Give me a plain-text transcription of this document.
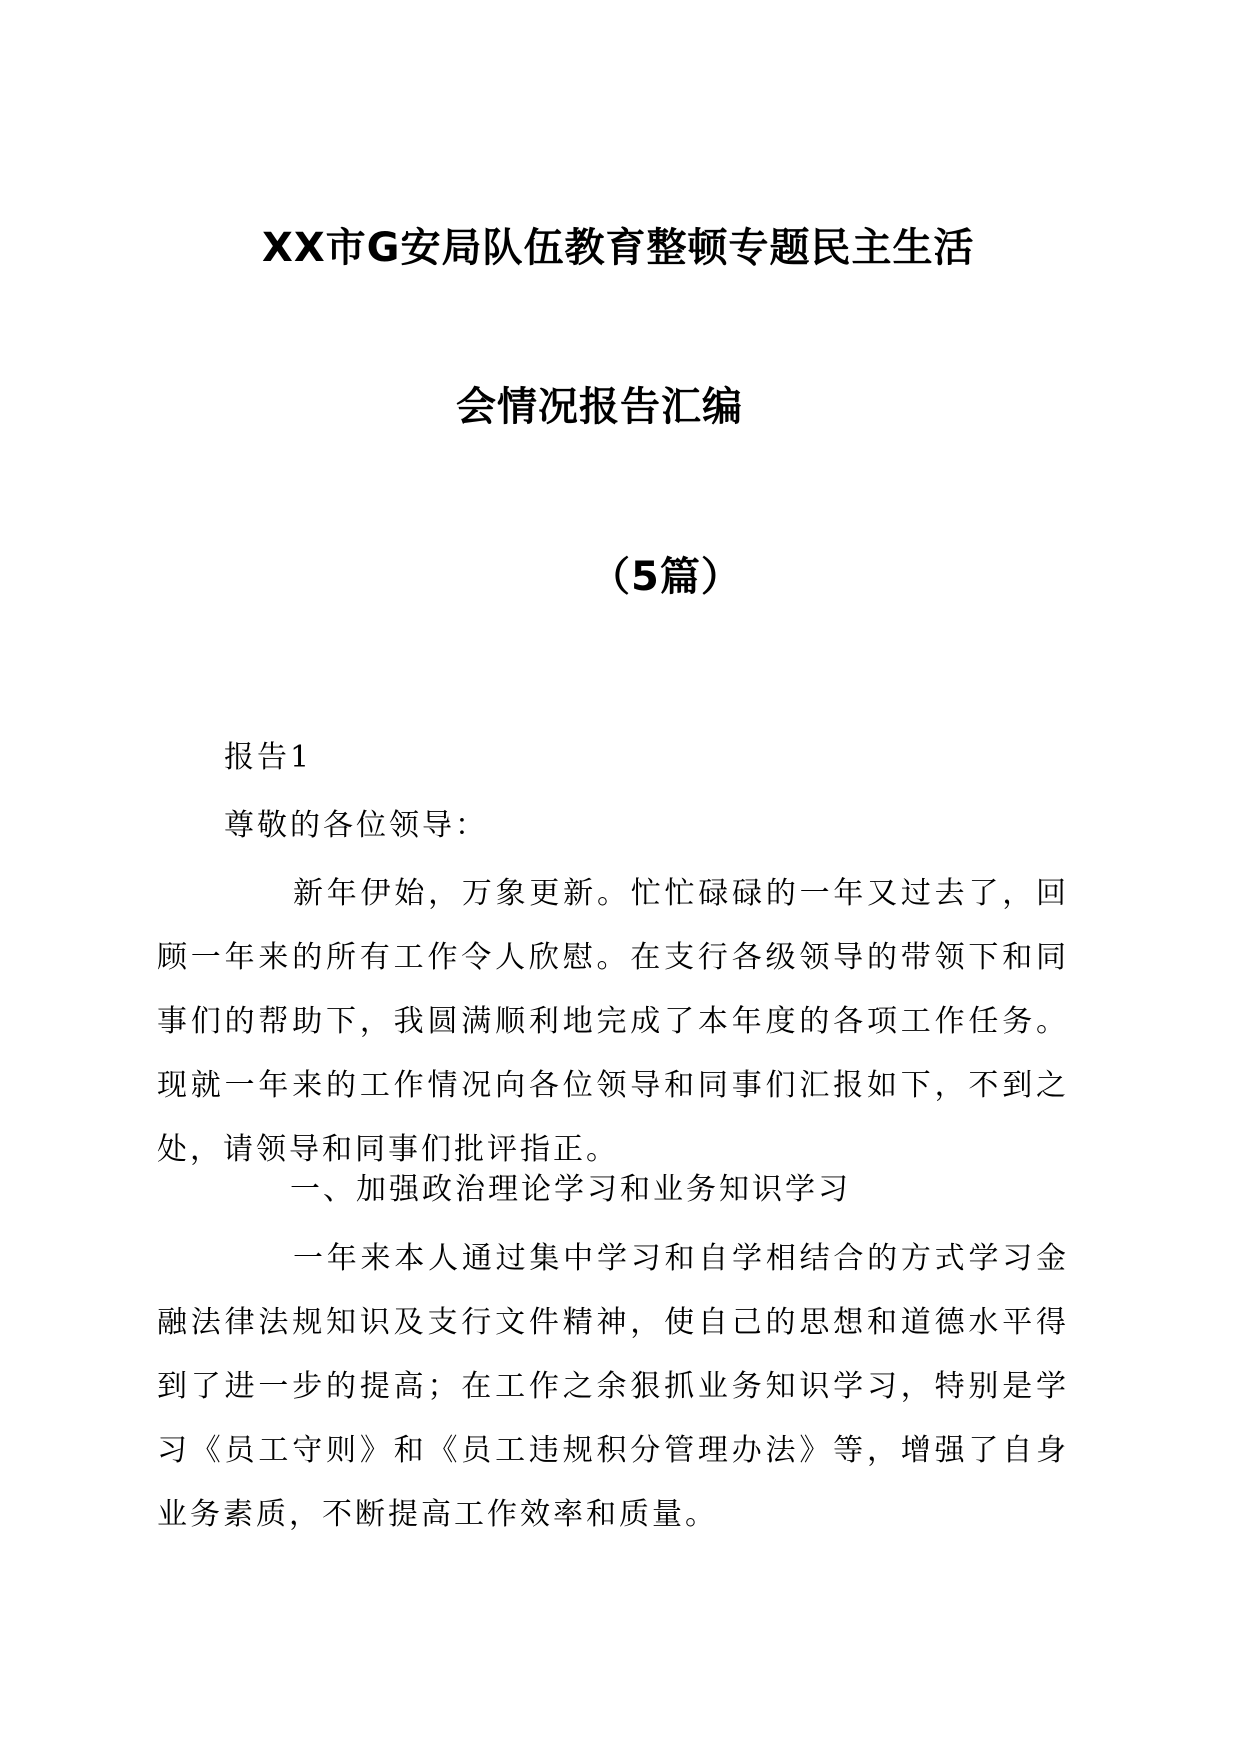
XX市G安局队伍教育整顿专题民主生活
会情况报告汇编
（5篇）
报告1
尊敬的各位领导：

新年伊始，万象更新。忙忙碌碌的一年又过去了，回顾一年来的所有工作令人欣慰。在支行各级领导的带领下和同事们的帮助下，我圆满顺利地完成了本年度的各项工作任务。现就一年来的工作情况向各位领导和同事们汇报如下，不到之处，请领导和同事们批评指正。

一、加强政治理论学习和业务知识学习

一年来本人通过集中学习和自学相结合的方式学习金融法律法规知识及支行文件精神，使自己的思想和道德水平得到了进一步的提高；在工作之余狠抓业务知识学习，特别是学习《员工守则》和《员工违规积分管理办法》等，增强了自身业务素质，不断提高工作效率和质量。
